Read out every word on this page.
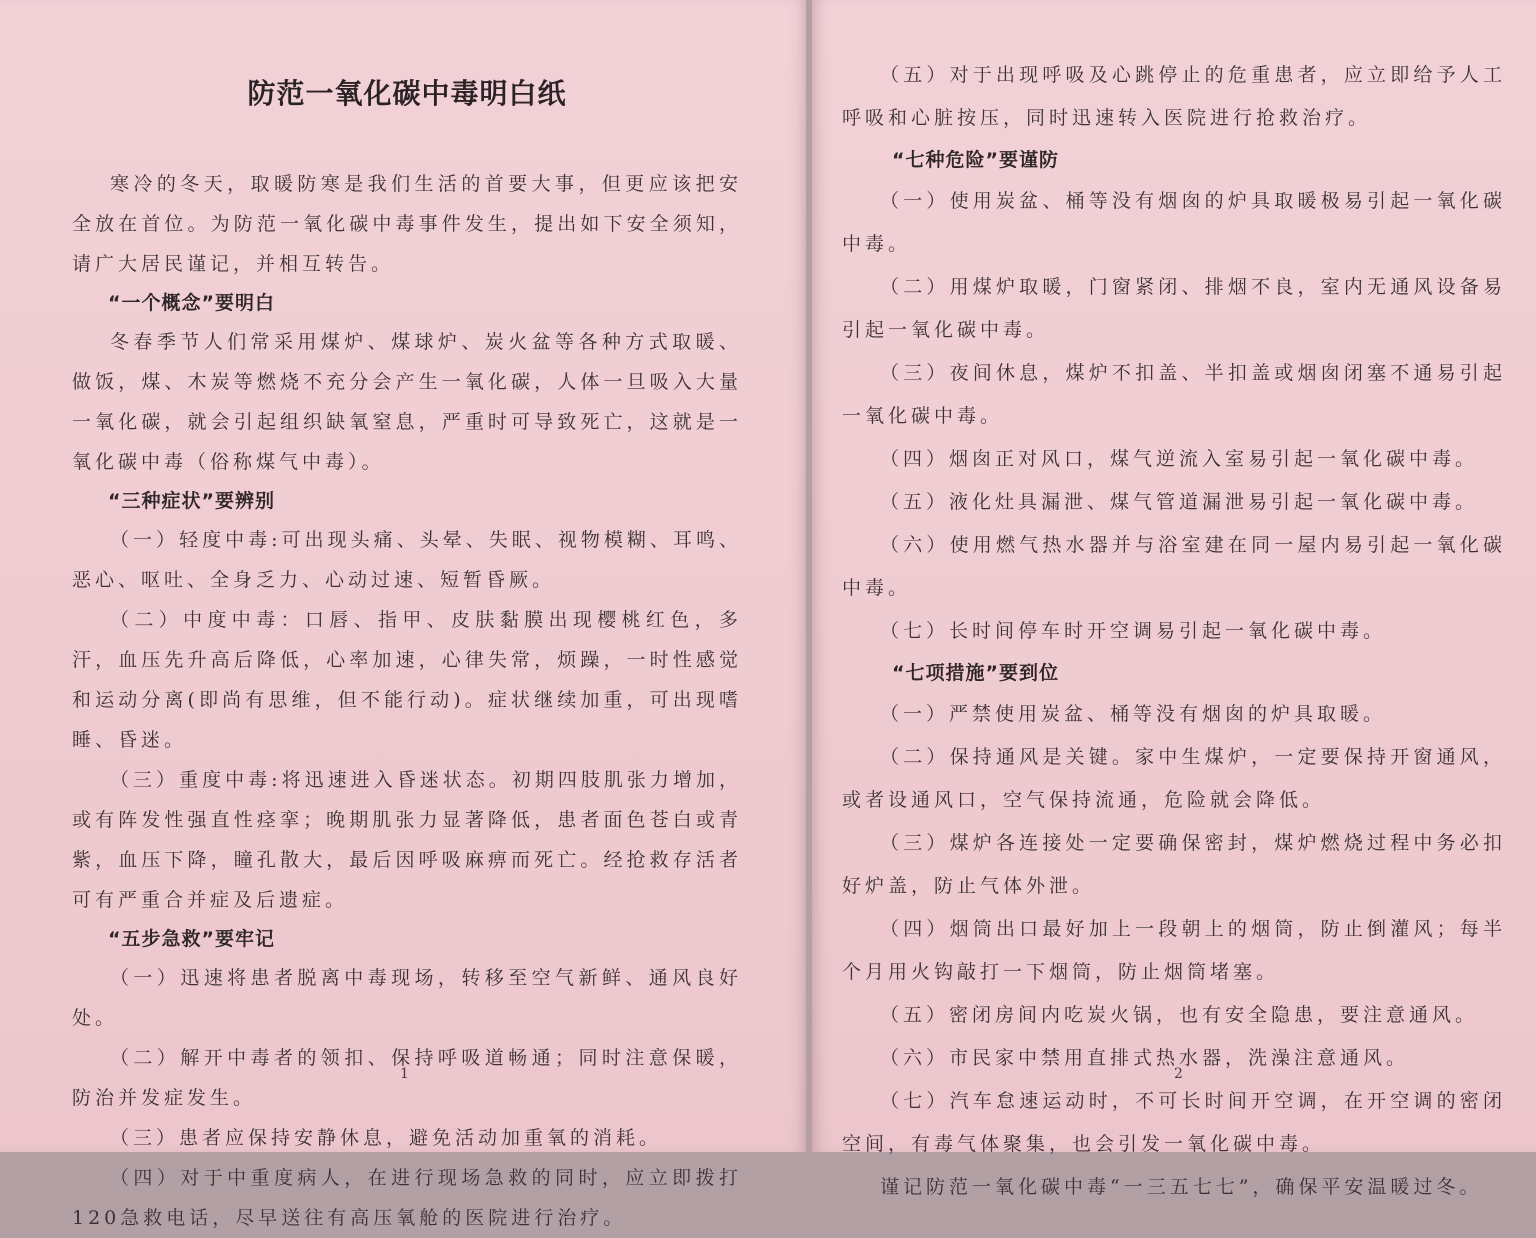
防范一氧化碳中毒明白纸

寒冷的冬天，取暖防寒是我们生活的首要大事，但更应该把安全放在首位。为防范一氧化碳中毒事件发生，提出如下安全须知，请广大居民谨记，并相互转告。

“一个概念”要明白

冬春季节人们常采用煤炉、煤球炉、炭火盆等各种方式取暖、做饭，煤、木炭等燃烧不充分会产生一氧化碳，人体一旦吸入大量一氧化碳，就会引起组织缺氧窒息，严重时可导致死亡，这就是一氧化碳中毒（俗称煤气中毒）。

“三种症状”要辨别

（一）轻度中毒:可出现头痛、头晕、失眠、视物模糊、耳鸣、恶心、呕吐、全身乏力、心动过速、短暂昏厥。

（二）中度中毒：口唇、指甲、皮肤黏膜出现樱桃红色，多汗，血压先升高后降低，心率加速，心律失常，烦躁，一时性感觉和运动分离(即尚有思维，但不能行动)。症状继续加重，可出现嗜睡、昏迷。

（三）重度中毒:将迅速进入昏迷状态。初期四肢肌张力增加，或有阵发性强直性痉挛；晚期肌张力显著降低，患者面色苍白或青紫，血压下降，瞳孔散大，最后因呼吸麻痹而死亡。经抢救存活者可有严重合并症及后遗症。

“五步急救”要牢记

（一）迅速将患者脱离中毒现场，转移至空气新鲜、通风良好处。

（二）解开中毒者的领扣、保持呼吸道畅通；同时注意保暖，防治并发症发生。

（三）患者应保持安静休息，避免活动加重氧的消耗。

（四）对于中重度病人，在进行现场急救的同时，应立即拨打120急救电话，尽早送往有高压氧舱的医院进行治疗。

1

（五）对于出现呼吸及心跳停止的危重患者，应立即给予人工呼吸和心脏按压，同时迅速转入医院进行抢救治疗。

“七种危险”要谨防

（一）使用炭盆、桶等没有烟囱的炉具取暖极易引起一氧化碳中毒。

（二）用煤炉取暖，门窗紧闭、排烟不良，室内无通风设备易引起一氧化碳中毒。

（三）夜间休息，煤炉不扣盖、半扣盖或烟囱闭塞不通易引起一氧化碳中毒。

（四）烟囱正对风口，煤气逆流入室易引起一氧化碳中毒。

（五）液化灶具漏泄、煤气管道漏泄易引起一氧化碳中毒。

（六）使用燃气热水器并与浴室建在同一屋内易引起一氧化碳中毒。

（七）长时间停车时开空调易引起一氧化碳中毒。

“七项措施”要到位

（一）严禁使用炭盆、桶等没有烟囱的炉具取暖。

（二）保持通风是关键。家中生煤炉，一定要保持开窗通风，或者设通风口，空气保持流通，危险就会降低。

（三）煤炉各连接处一定要确保密封，煤炉燃烧过程中务必扣好炉盖，防止气体外泄。

（四）烟筒出口最好加上一段朝上的烟筒，防止倒灌风；每半个月用火钩敲打一下烟筒，防止烟筒堵塞。

（五）密闭房间内吃炭火锅，也有安全隐患，要注意通风。

（六）市民家中禁用直排式热水器，洗澡注意通风。

（七）汽车怠速运动时，不可长时间开空调，在开空调的密闭空间，有毒气体聚集，也会引发一氧化碳中毒。

谨记防范一氧化碳中毒“一三五七七”，确保平安温暖过冬。

2
